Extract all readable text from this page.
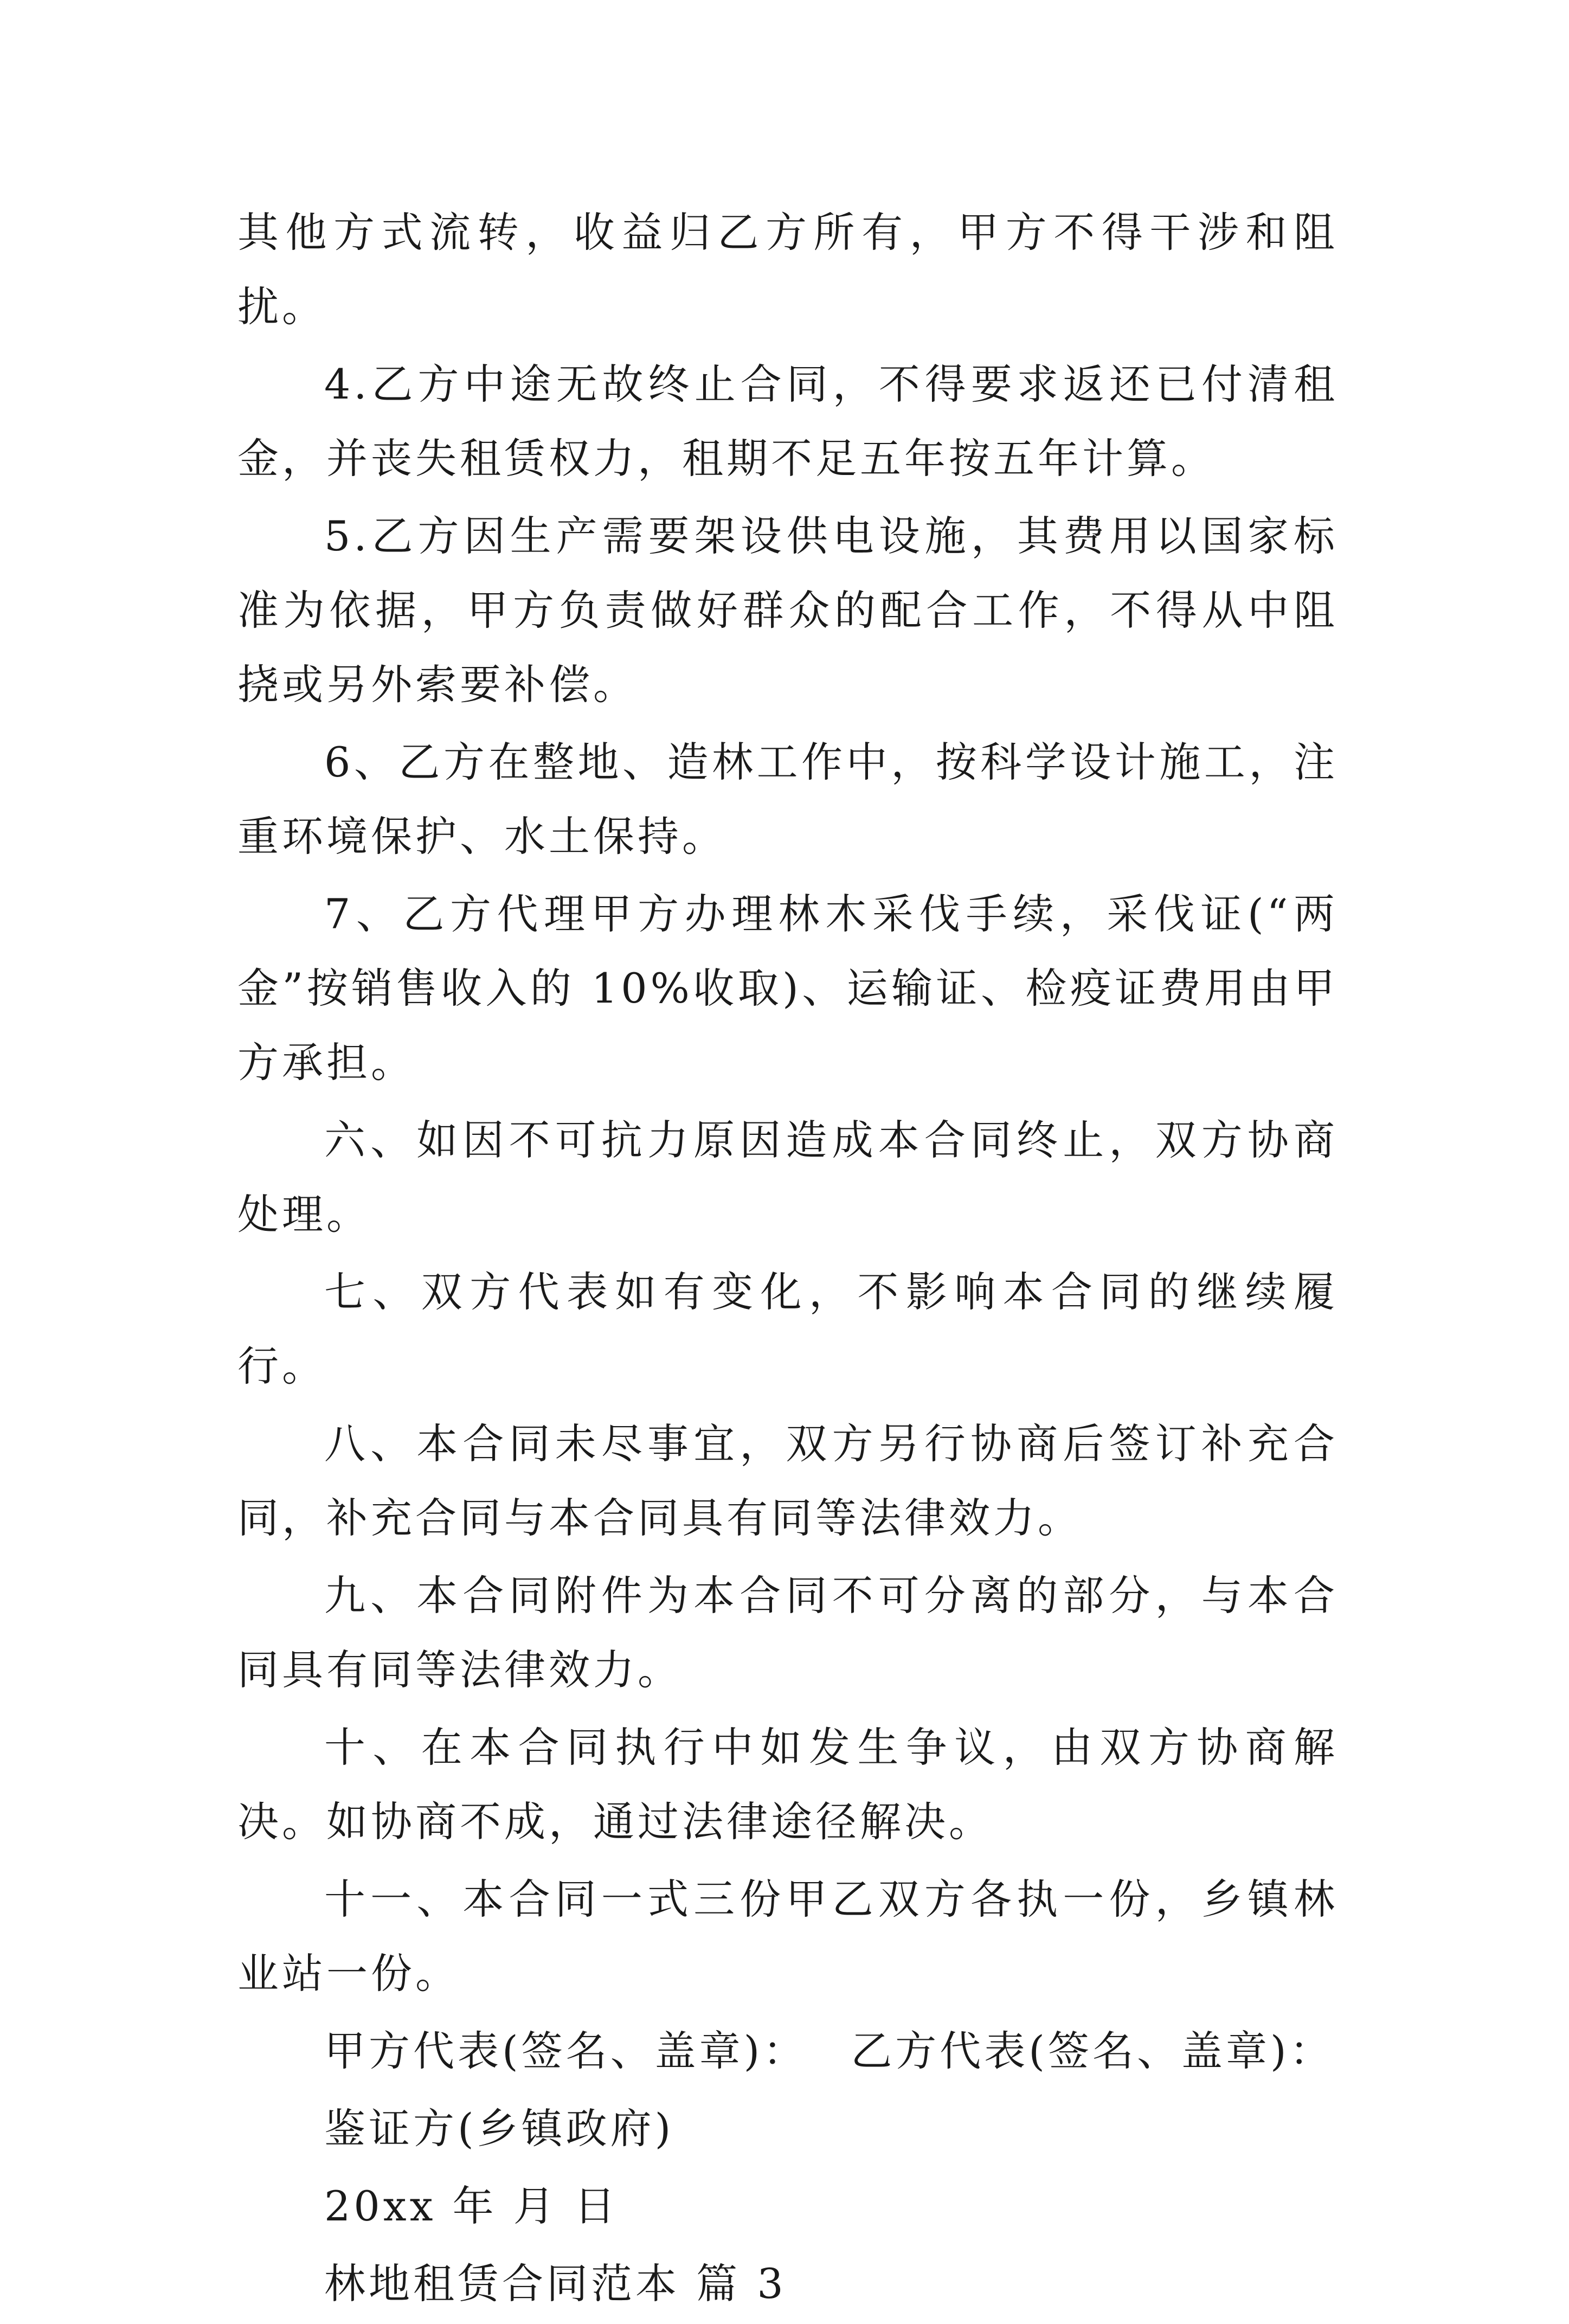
其他方式流转，收益归乙方所有，甲方不得干涉和阻扰。

4.乙方中途无故终止合同，不得要求返还已付清租金，并丧失租赁权力，租期不足五年按五年计算。

5.乙方因生产需要架设供电设施，其费用以国家标准为依据，甲方负责做好群众的配合工作，不得从中阻挠或另外索要补偿。

6、乙方在整地、造林工作中，按科学设计施工，注重环境保护、水土保持。

7、乙方代理甲方办理林木采伐手续，采伐证(“两金”按销售收入的 10%收取)、运输证、检疫证费用由甲方承担。

六、如因不可抗力原因造成本合同终止，双方协商处理。

七、双方代表如有变化，不影响本合同的继续履行。

八、本合同未尽事宜，双方另行协商后签订补充合同，补充合同与本合同具有同等法律效力。

九、本合同附件为本合同不可分离的部分，与本合同具有同等法律效力。

十、在本合同执行中如发生争议，由双方协商解决。如协商不成，通过法律途径解决。

十一、本合同一式三份甲乙双方各执一份，乡镇林业站一份。

甲方代表(签名、盖章)： 乙方代表(签名、盖章)：

鉴证方(乡镇政府)

20xx 年 月 日

林地租赁合同范本 篇 3
